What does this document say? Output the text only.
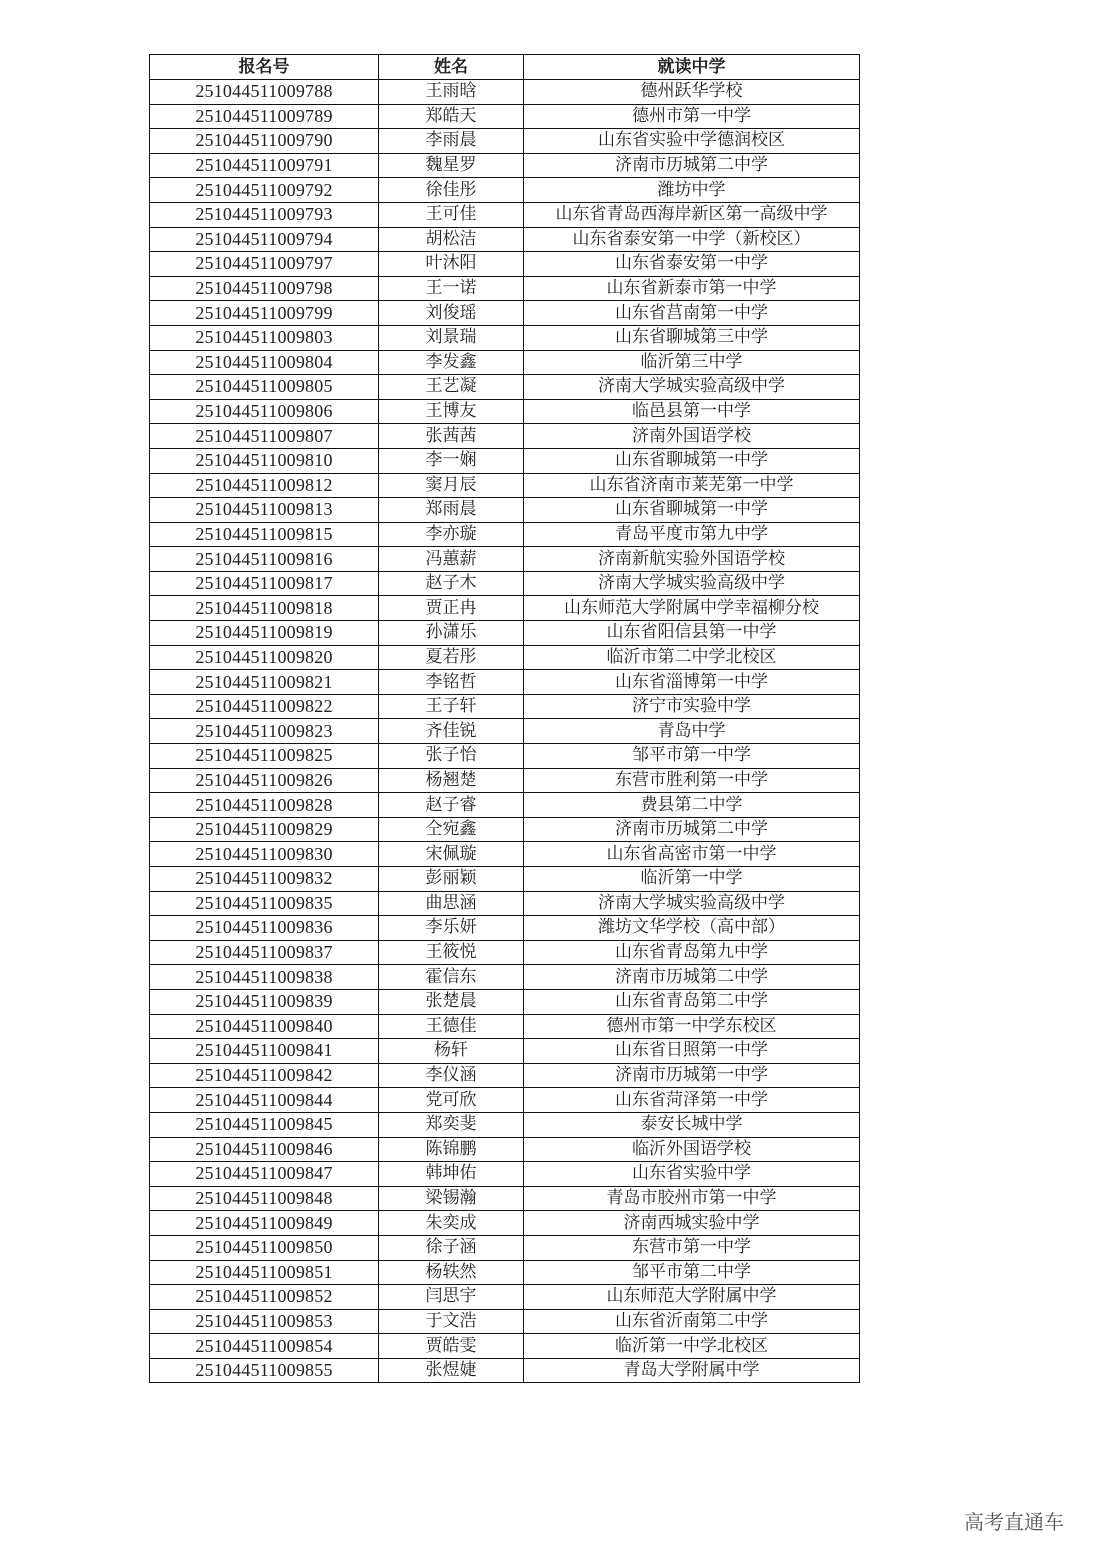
报名号	姓名	就读中学
251044511009788	王雨晗	德州跃华学校
251044511009789	郑皓天	德州市第一中学
251044511009790	李雨晨	山东省实验中学德润校区
251044511009791	魏星罗	济南市历城第二中学
251044511009792	徐佳彤	潍坊中学
251044511009793	王可佳	山东省青岛西海岸新区第一高级中学
251044511009794	胡松洁	山东省泰安第一中学（新校区）
251044511009797	叶沐阳	山东省泰安第一中学
251044511009798	王一诺	山东省新泰市第一中学
251044511009799	刘俊瑶	山东省莒南第一中学
251044511009803	刘景瑞	山东省聊城第三中学
251044511009804	李发鑫	临沂第三中学
251044511009805	王艺凝	济南大学城实验高级中学
251044511009806	王博友	临邑县第一中学
251044511009807	张茜茜	济南外国语学校
251044511009810	李一娴	山东省聊城第一中学
251044511009812	窦月辰	山东省济南市莱芜第一中学
251044511009813	郑雨晨	山东省聊城第一中学
251044511009815	李亦璇	青岛平度市第九中学
251044511009816	冯蕙薪	济南新航实验外国语学校
251044511009817	赵子木	济南大学城实验高级中学
251044511009818	贾正冉	山东师范大学附属中学幸福柳分校
251044511009819	孙潇乐	山东省阳信县第一中学
251044511009820	夏若彤	临沂市第二中学北校区
251044511009821	李铭哲	山东省淄博第一中学
251044511009822	王子轩	济宁市实验中学
251044511009823	齐佳锐	青岛中学
251044511009825	张子怡	邹平市第一中学
251044511009826	杨翘楚	东营市胜利第一中学
251044511009828	赵子睿	费县第二中学
251044511009829	仝宛鑫	济南市历城第二中学
251044511009830	宋佩璇	山东省高密市第一中学
251044511009832	彭丽颖	临沂第一中学
251044511009835	曲思涵	济南大学城实验高级中学
251044511009836	李乐妍	潍坊文华学校（高中部）
251044511009837	王筱悦	山东省青岛第九中学
251044511009838	霍信东	济南市历城第二中学
251044511009839	张楚晨	山东省青岛第二中学
251044511009840	王德佳	德州市第一中学东校区
251044511009841	杨轩	山东省日照第一中学
251044511009842	李仪涵	济南市历城第一中学
251044511009844	党可欣	山东省菏泽第一中学
251044511009845	郑奕斐	泰安长城中学
251044511009846	陈锦鹏	临沂外国语学校
251044511009847	韩坤佑	山东省实验中学
251044511009848	梁锡瀚	青岛市胶州市第一中学
251044511009849	朱奕成	济南西城实验中学
251044511009850	徐子涵	东营市第一中学
251044511009851	杨轶然	邹平市第二中学
251044511009852	闫思宇	山东师范大学附属中学
251044511009853	于文浩	山东省沂南第二中学
251044511009854	贾皓雯	临沂第一中学北校区
251044511009855	张煜婕	青岛大学附属中学
高考直通车
